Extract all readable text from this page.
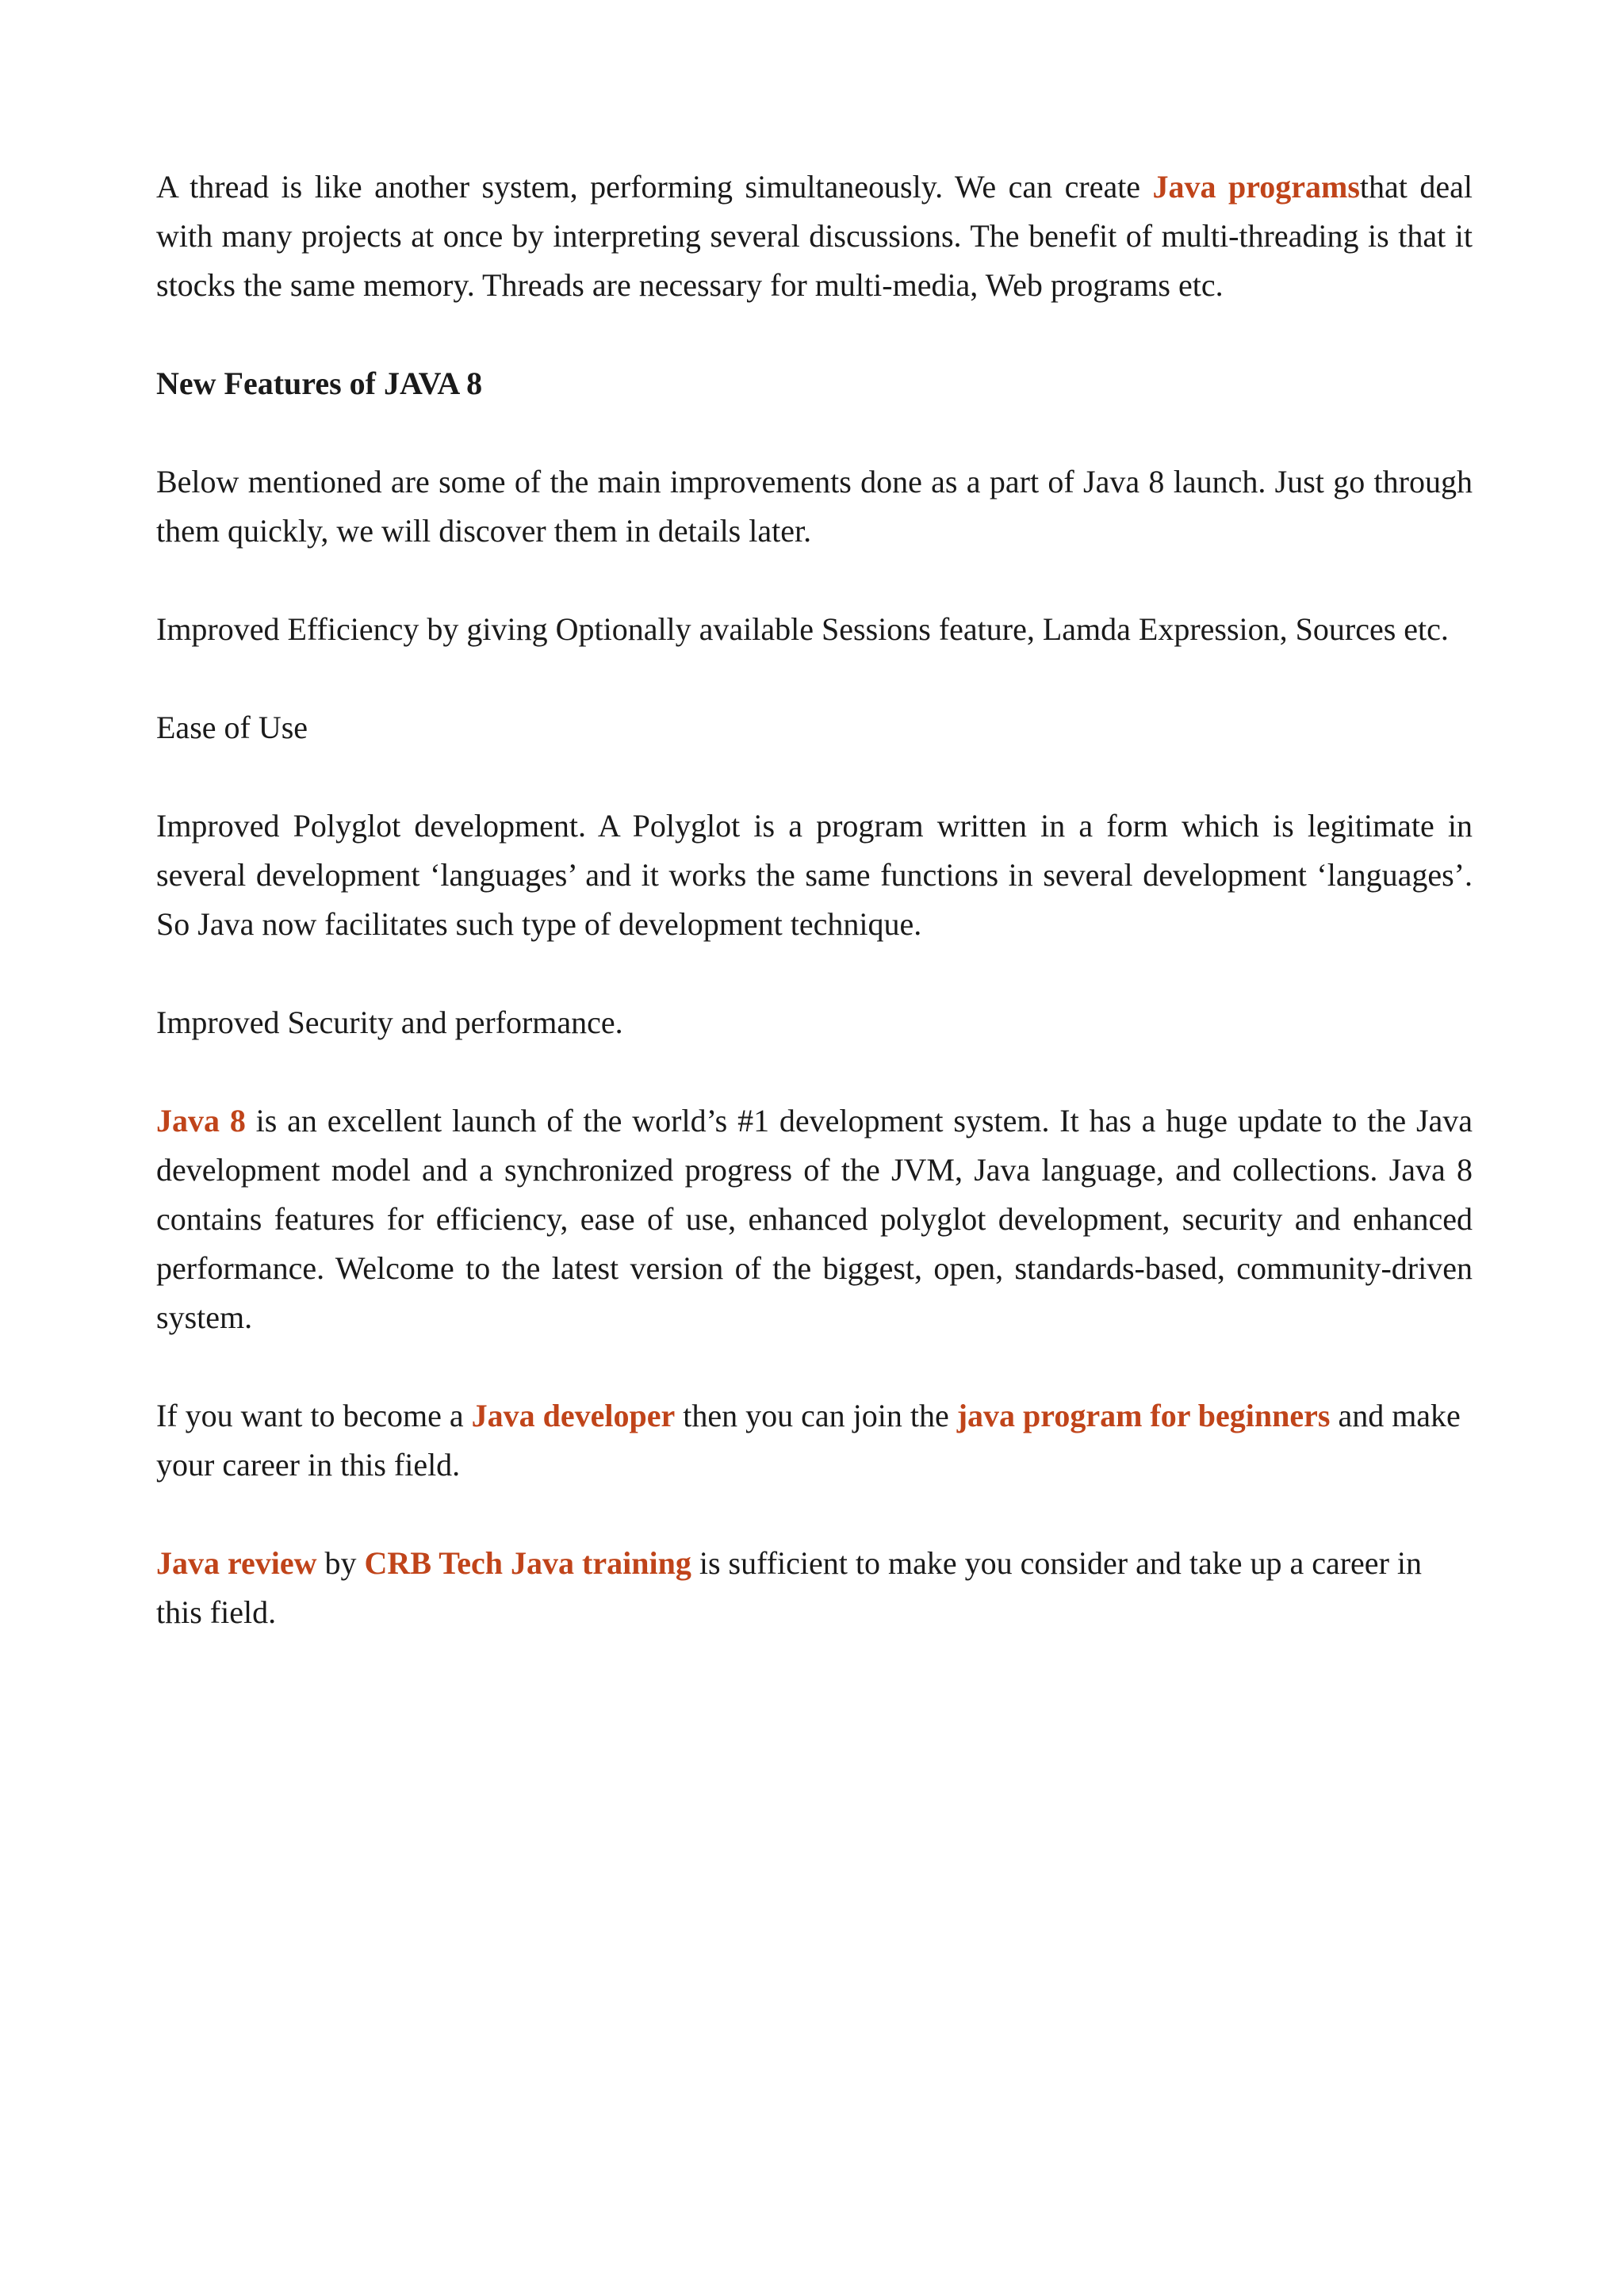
A thread is like another system, performing simultaneously. We can create Java programsthat deal with many projects at once by interpreting several discussions. The benefit of multi-threading is that it stocks the same memory. Threads are necessary for multi-media, Web programs etc.

New Features of JAVA 8

Below mentioned are some of the main improvements done as a part of Java 8 launch. Just go through them quickly, we will discover them in details later.

Improved Efficiency by giving Optionally available Sessions feature, Lamda Expression, Sources etc.

Ease of Use

Improved Polyglot development. A Polyglot is a program written in a form which is legitimate in several development ‘languages’ and it works the same functions in several development ‘languages’. So Java now facilitates such type of development technique.

Improved Security and performance.

Java 8 is an excellent launch of the world’s #1 development system. It has a huge update to the Java development model and a synchronized progress of the JVM, Java language, and collections. Java 8 contains features for efficiency, ease of use, enhanced polyglot development, security and enhanced performance. Welcome to the latest version of the biggest, open, standards-based, community-driven system.

If you want to become a Java developer then you can join the java program for beginners and make your career in this field.

Java review by CRB Tech Java training is sufficient to make you consider and take up a career in this field.
